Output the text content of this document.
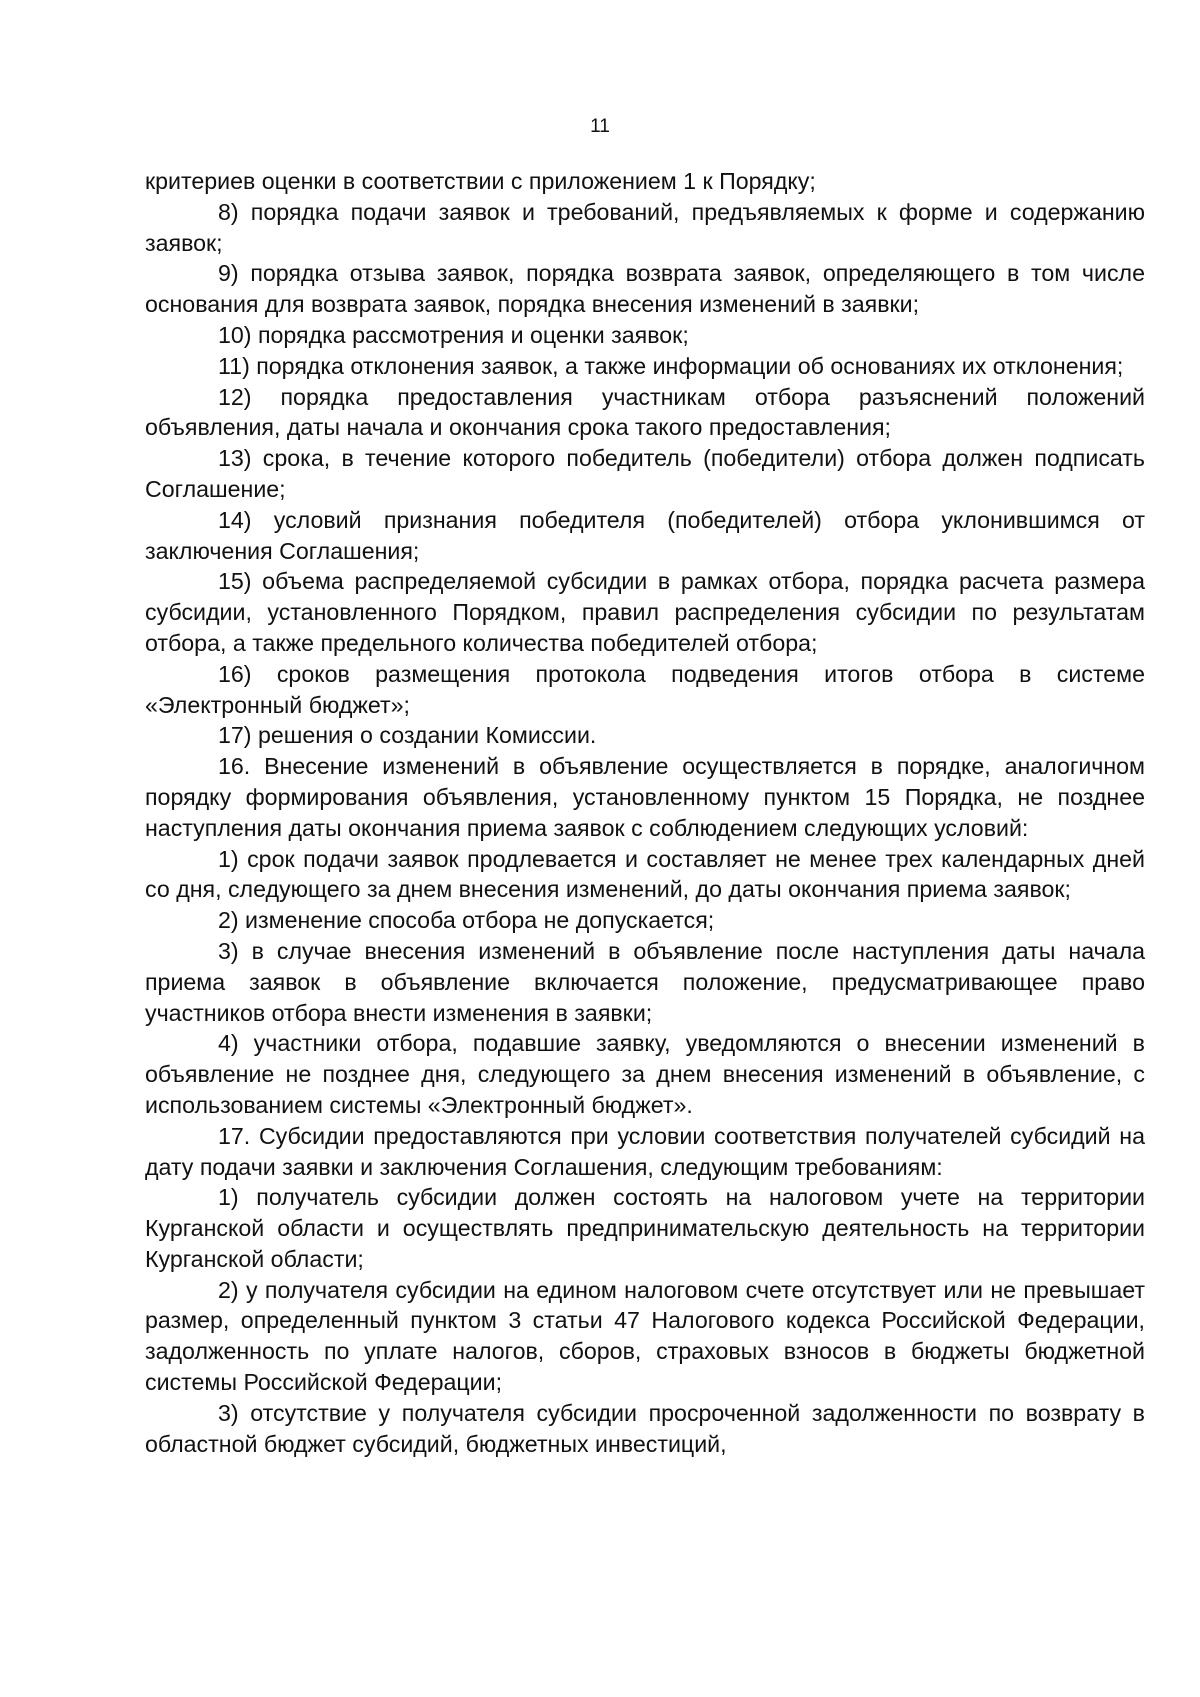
11

критериев оценки в соответствии с приложением 1 к Порядку;

8) порядка подачи заявок и требований, предъявляемых к форме и содержанию заявок;

9) порядка отзыва заявок, порядка возврата заявок, определяющего в том числе основания для возврата заявок, порядка внесения изменений в заявки;

10) порядка рассмотрения и оценки заявок;

11) порядка отклонения заявок, а также информации об основаниях их отклонения;

12) порядка предоставления участникам отбора разъяснений положений объявления, даты начала и окончания срока такого предоставления;

13) срока, в течение которого победитель (победители) отбора должен подписать Соглашение;

14) условий признания победителя (победителей) отбора уклонившимся от заключения Соглашения;

15) объема распределяемой субсидии в рамках отбора, порядка расчета размера субсидии, установленного Порядком, правил распределения субсидии по результатам отбора, а также предельного количества победителей отбора;

16) сроков размещения протокола подведения итогов отбора в системе «Электронный бюджет»;

17) решения о создании Комиссии.

16. Внесение изменений в объявление осуществляется в порядке, аналогичном порядку формирования объявления, установленному пунктом 15 Порядка, не позднее наступления даты окончания приема заявок с соблюдением следующих условий:

1) срок подачи заявок продлевается и составляет не менее трех календарных дней со дня, следующего за днем внесения изменений, до даты окончания приема заявок;

2) изменение способа отбора не допускается;

3) в случае внесения изменений в объявление после наступления даты начала приема заявок в объявление включается положение, предусматривающее право участников отбора внести изменения в заявки;

4) участники отбора, подавшие заявку, уведомляются о внесении изменений в объявление не позднее дня, следующего за днем внесения изменений в объявление, с использованием системы «Электронный бюджет».

17. Субсидии предоставляются при условии соответствия получателей субсидий на дату подачи заявки и заключения Соглашения, следующим требованиям:

1) получатель субсидии должен состоять на налоговом учете на территории Курганской области и осуществлять предпринимательскую деятельность на территории Курганской области;

2) у получателя субсидии на едином налоговом счете отсутствует или не превышает размер, определенный пунктом 3 статьи 47 Налогового кодекса Российской Федерации, задолженность по уплате налогов, сборов, страховых взносов в бюджеты бюджетной системы Российской Федерации;

3) отсутствие у получателя субсидии просроченной задолженности по возврату в областной бюджет субсидий, бюджетных инвестиций,
